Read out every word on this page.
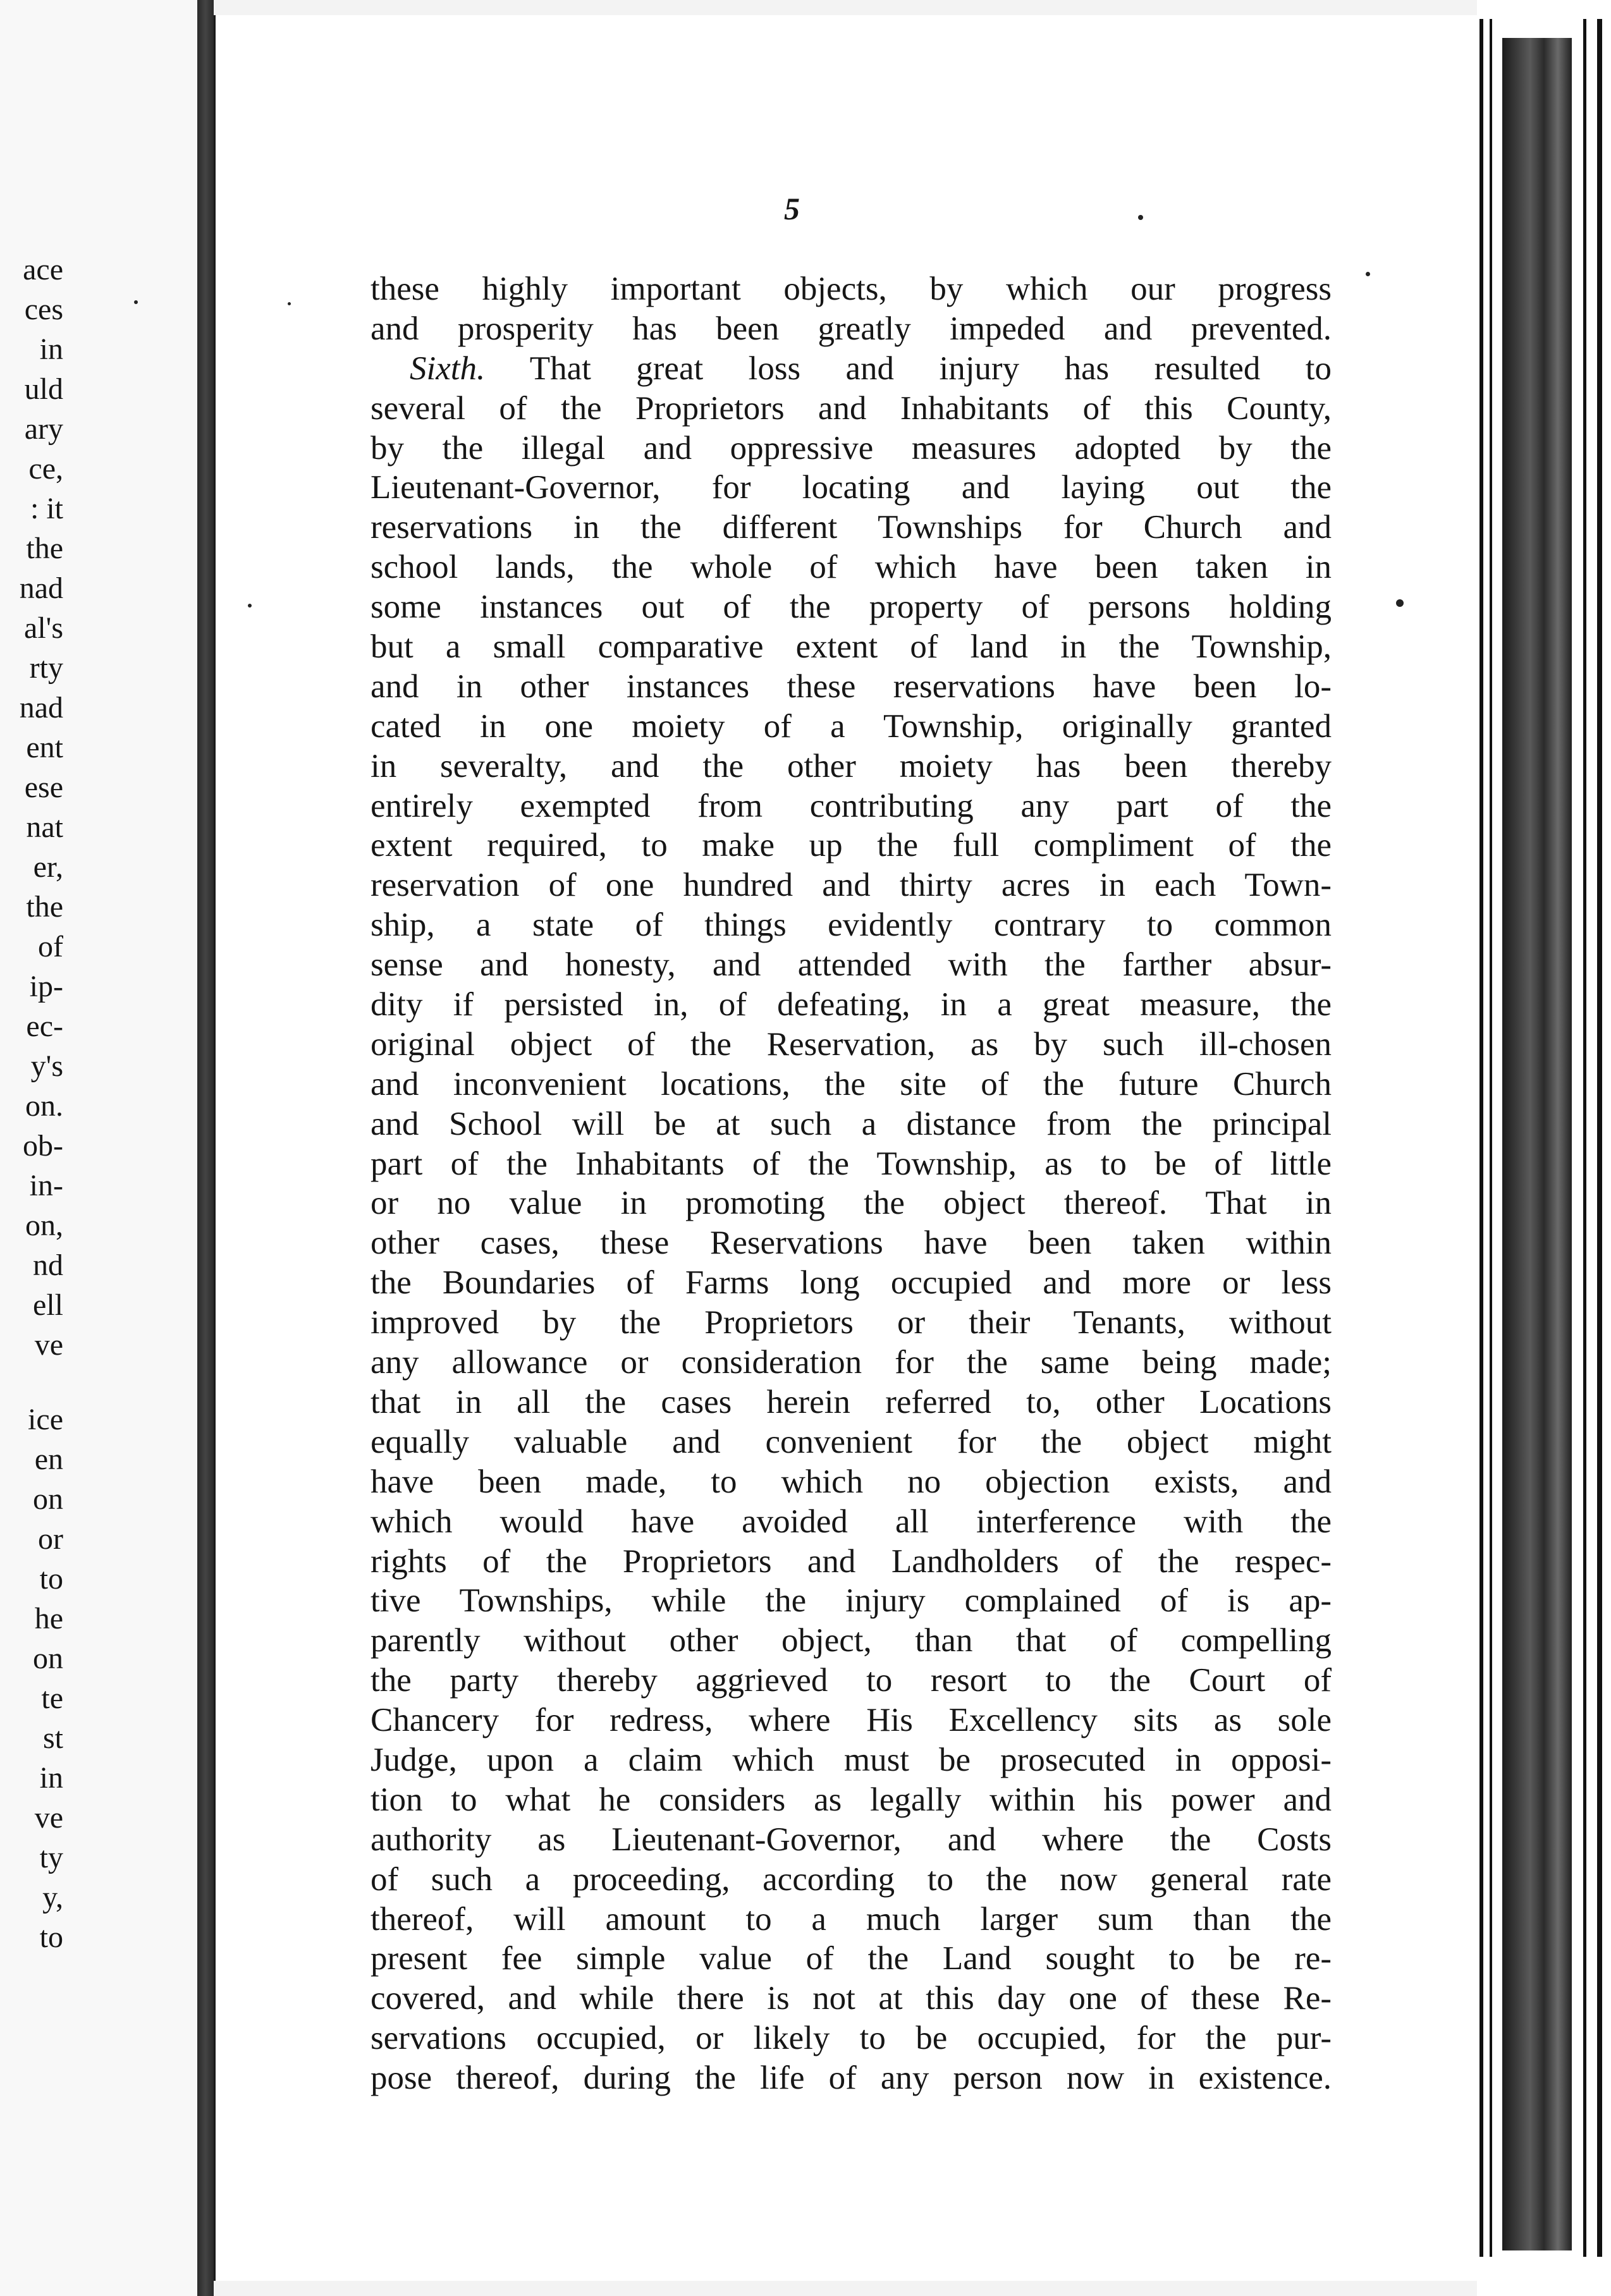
ace
ces
in
uld
ary
ce,
: it
the
nad
al's
rty
nad
ent
ese
nat
er,
the
of
ip-
ec-
y's
on.
ob-
in-
on,
nd
ell
ve
ice
en
on
or
to
he
on
te
st
in
ve
ty
y,
to
5
these highly important objects, by which our progress
and prosperity has been greatly impeded and prevented.
Sixth. That great loss and injury has resulted to
several of the Proprietors and Inhabitants of this County,
by the illegal and oppressive measures adopted by the
Lieutenant-Governor, for locating and laying out the
reservations in the different Townships for Church and
school lands, the whole of which have been taken in
some instances out of the property of persons holding
but a small comparative extent of land in the Township,
and in other instances these reservations have been lo-
cated in one moiety of a Township, originally granted
in severalty, and the other moiety has been thereby
entirely exempted from contributing any part of the
extent required, to make up the full compliment of the
reservation of one hundred and thirty acres in each Town-
ship, a state of things evidently contrary to common
sense and honesty, and attended with the farther absur-
dity if persisted in, of defeating, in a great measure, the
original object of the Reservation, as by such ill-chosen
and inconvenient locations, the site of the future Church
and School will be at such a distance from the principal
part of the Inhabitants of the Township, as to be of little
or no value in promoting the object thereof. That in
other cases, these Reservations have been taken within
the Boundaries of Farms long occupied and more or less
improved by the Proprietors or their Tenants, without
any allowance or consideration for the same being made;
that in all the cases herein referred to, other Locations
equally valuable and convenient for the object might
have been made, to which no objection exists, and
which would have avoided all interference with the
rights of the Proprietors and Landholders of the respec-
tive Townships, while the injury complained of is ap-
parently without other object, than that of compelling
the party thereby aggrieved to resort to the Court of
Chancery for redress, where His Excellency sits as sole
Judge, upon a claim which must be prosecuted in opposi-
tion to what he considers as legally within his power and
authority as Lieutenant-Governor, and where the Costs
of such a proceeding, according to the now general rate
thereof, will amount to a much larger sum than the
present fee simple value of the Land sought to be re-
covered, and while there is not at this day one of these Re-
servations occupied, or likely to be occupied, for the pur-
pose thereof, during the life of any person now in existence.
